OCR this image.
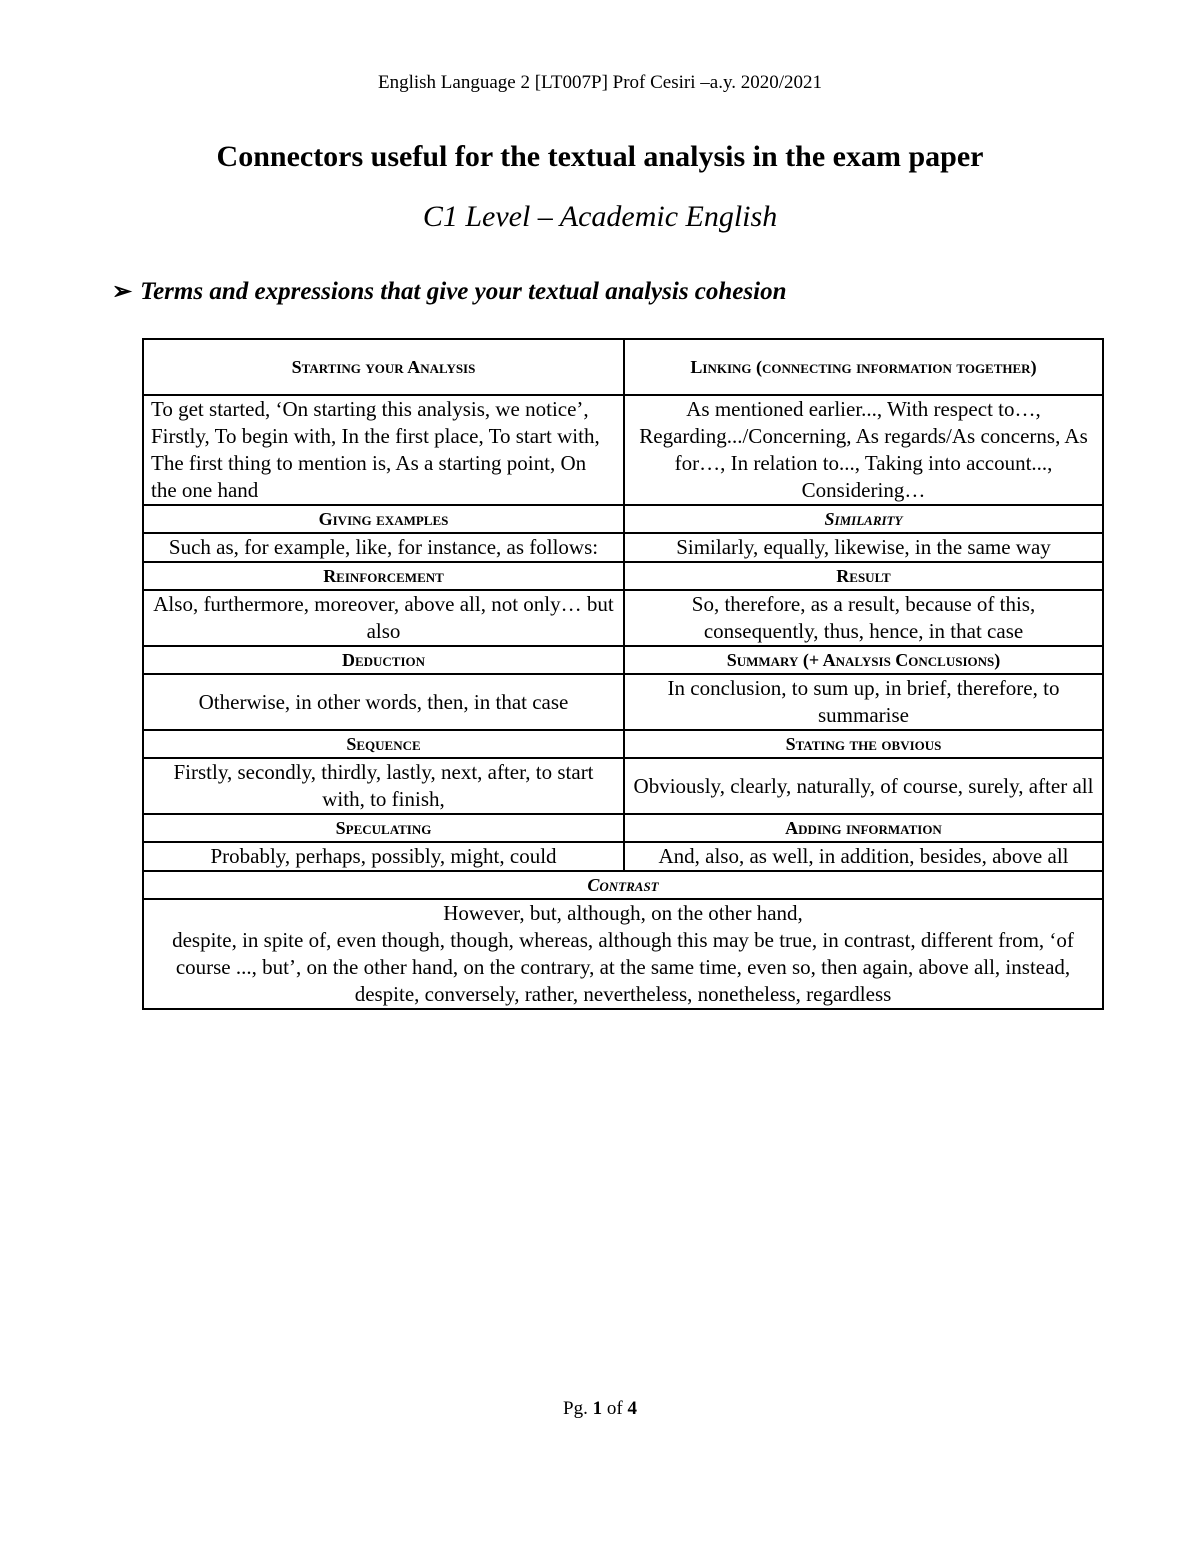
English Language 2 [LT007P] Prof Cesiri –a.y. 2020/2021
Connectors useful for the textual analysis in the exam paper
C1 Level – Academic English
➢ Terms and expressions that give your textual analysis cohesion
Starting your Analysis	Linking (connecting information together)
To get started, ‘On starting this analysis, we notice’, Firstly, To begin with, In the first place, To start with, The first thing to mention is, As a starting point, On the one hand	As mentioned earlier..., With respect to…, Regarding.../Concerning, As regards/As concerns, As for…, In relation to..., Taking into account..., Considering…
Giving examples	Similarity
Such as, for example, like, for instance, as follows:	Similarly, equally, likewise, in the same way
Reinforcement	Result
Also, furthermore, moreover, above all, not only… but also	So, therefore, as a result, because of this, consequently, thus, hence, in that case
Deduction	Summary (+ Analysis Conclusions)
Otherwise, in other words, then, in that case	In conclusion, to sum up, in brief, therefore, to summarise
Sequence	Stating the obvious
Firstly, secondly, thirdly, lastly, next, after, to start with, to finish,	Obviously, clearly, naturally, of course, surely, after all
Speculating	Adding information
Probably, perhaps, possibly, might, could	And, also, as well, in addition, besides, above all
Contrast	

However, but, although, on the other hand,
despite, in spite of, even though, though, whereas, although this may be true, in contrast, different from, ‘of course ..., but’, on the other hand, on the contrary, at the same time, even so, then again, above all, instead, despite, conversely, rather, nevertheless, nonetheless, regardless	
Pg. 1 of 4
